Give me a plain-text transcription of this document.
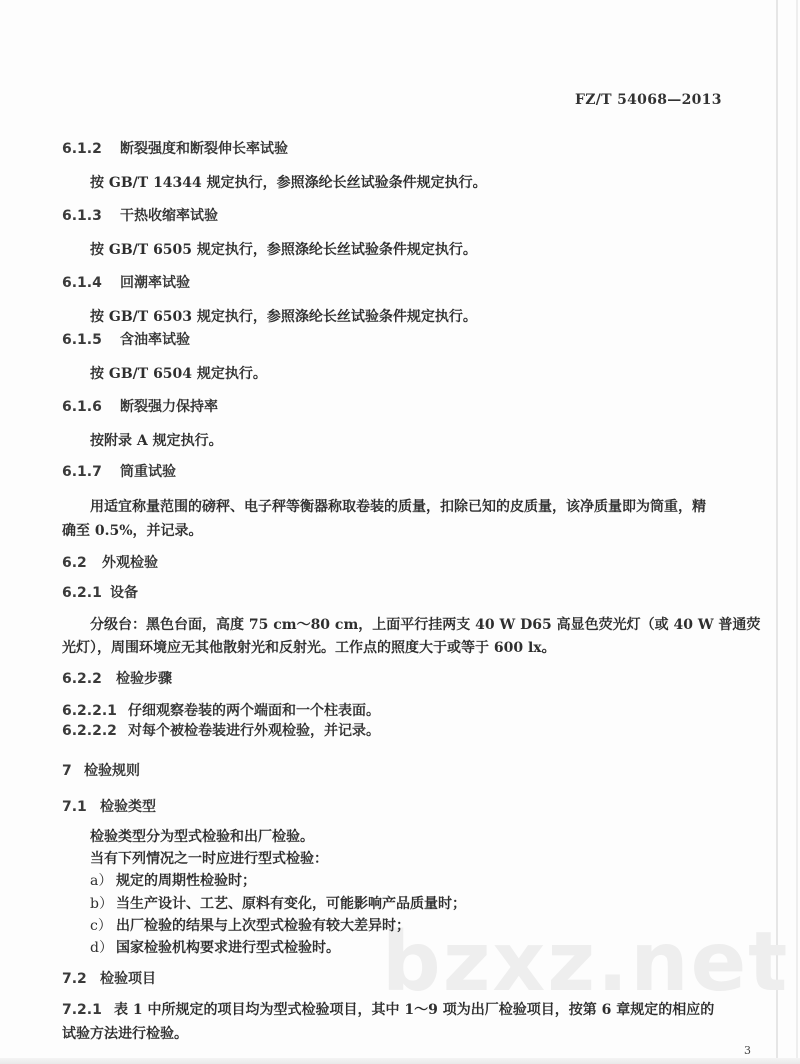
bzxz.net
FZ/T 54068—2013
6.1.2 断裂强度和断裂伸长率试验
按 GB/T 14344 规定执行，参照涤纶长丝试验条件规定执行。
6.1.3 干热收缩率试验
按 GB/T 6505 规定执行，参照涤纶长丝试验条件规定执行。
6.1.4 回潮率试验
按 GB/T 6503 规定执行，参照涤纶长丝试验条件规定执行。
6.1.5 含油率试验
按 GB/T 6504 规定执行。
6.1.6 断裂强力保持率
按附录 A 规定执行。
6.1.7 筒重试验
用适宜称量范围的磅秤、电子秤等衡器称取卷装的质量，扣除已知的皮质量，该净质量即为筒重，精
确至 0.5%，并记录。
6.2 外观检验
6.2.1 设备
分级台：黑色台面，高度 75 cm～80 cm，上面平行挂两支 40 W D65 高显色荧光灯（或 40 W 普通荧
光灯），周围环境应无其他散射光和反射光。工作点的照度大于或等于 600 lx。
6.2.2 检验步骤
6.2.2.1 仔细观察卷装的两个端面和一个柱表面。
6.2.2.2 对每个被检卷装进行外观检验，并记录。
7 检验规则
7.1 检验类型
检验类型分为型式检验和出厂检验。
当有下列情况之一时应进行型式检验：
a） 规定的周期性检验时；
b） 当生产设计、工艺、原料有变化，可能影响产品质量时；
c） 出厂检验的结果与上次型式检验有较大差异时；
d） 国家检验机构要求进行型式检验时。
7.2 检验项目
7.2.1 表 1 中所规定的项目均为型式检验项目，其中 1～9 项为出厂检验项目，按第 6 章规定的相应的
试验方法进行检验。
3
